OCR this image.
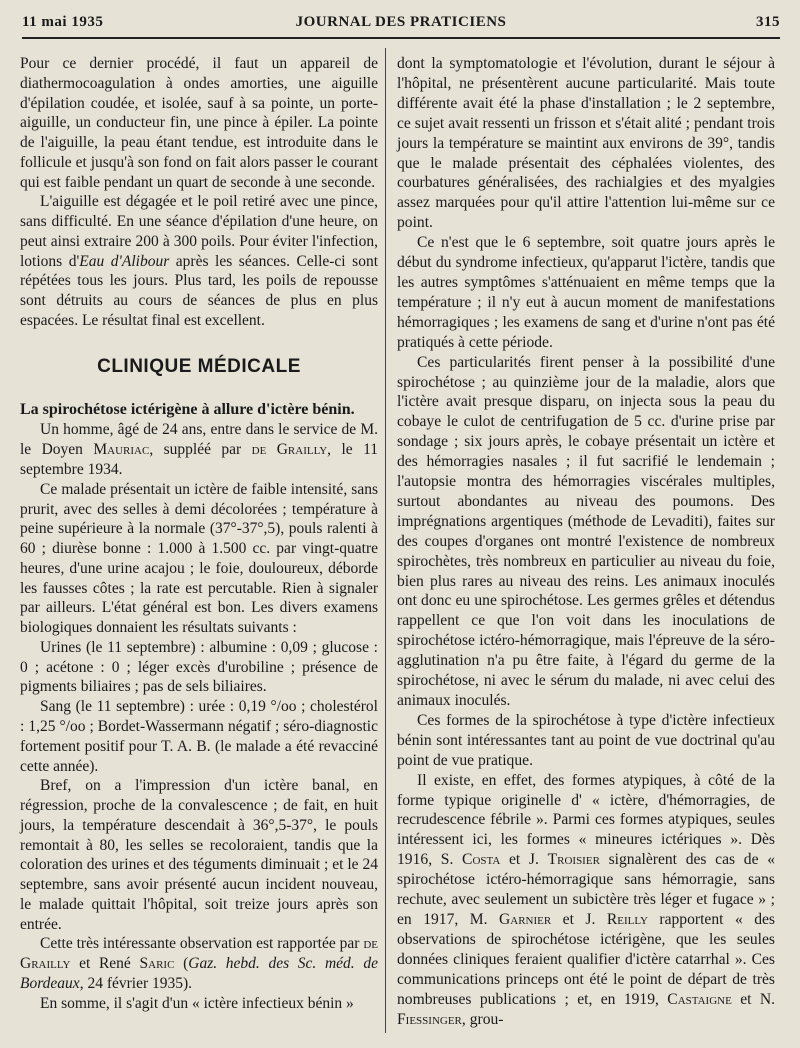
11 mai 1935	JOURNAL DES PRATICIENS	315

Pour ce dernier procédé, il faut un appareil de diathermocoagulation à ondes amorties, une aiguille d'épilation coudée, et isolée, sauf à sa pointe, un porte-aiguille, un conducteur fin, une pince à épiler. La pointe de l'aiguille, la peau étant tendue, est introduite dans le follicule et jusqu'à son fond on fait alors passer le courant qui est faible pendant un quart de seconde à une seconde.

L'aiguille est dégagée et le poil retiré avec une pince, sans difficulté. En une séance d'épilation d'une heure, on peut ainsi extraire 200 à 300 poils. Pour éviter l'infection, lotions d'Eau d'Alibour après les séances. Celle-ci sont répétées tous les jours. Plus tard, les poils de repousse sont détruits au cours de séances de plus en plus espacées. Le résultat final est excellent.

CLINIQUE MÉDICALE

La spirochétose ictérigène à allure d'ictère bénin.

Un homme, âgé de 24 ans, entre dans le service de M. le Doyen Mauriac, suppléé par de Grailly, le 11 septembre 1934.

Ce malade présentait un ictère de faible intensité, sans prurit, avec des selles à demi décolorées ; température à peine supérieure à la normale (37°-37°,5), pouls ralenti à 60 ; diurèse bonne : 1.000 à 1.500 cc. par vingt-quatre heures, d'une urine acajou ; le foie, douloureux, déborde les fausses côtes ; la rate est percutable. Rien à signaler par ailleurs. L'état général est bon. Les divers examens biologiques donnaient les résultats suivants :

Urines (le 11 septembre) : albumine : 0,09 ; glucose : 0 ; acétone : 0 ; léger excès d'urobiline ; présence de pigments biliaires ; pas de sels biliaires.

Sang (le 11 septembre) : urée : 0,19 °/oo ; cholestérol : 1,25 °/oo ; Bordet-Wassermann négatif ; séro-diagnostic fortement positif pour T. A. B. (le malade a été revacciné cette année).

Bref, on a l'impression d'un ictère banal, en régression, proche de la convalescence ; de fait, en huit jours, la température descendait à 36°,5-37°, le pouls remontait à 80, les selles se recoloraient, tandis que la coloration des urines et des téguments diminuait ; et le 24 septembre, sans avoir présenté aucun incident nouveau, le malade quittait l'hôpital, soit treize jours après son entrée.

Cette très intéressante observation est rapportée par de Grailly et René Saric (Gaz. hebd. des Sc. méd. de Bordeaux, 24 février 1935).

En somme, il s'agit d'un « ictère infectieux bénin »

dont la symptomatologie et l'évolution, durant le séjour à l'hôpital, ne présentèrent aucune particularité. Mais toute différente avait été la phase d'installation ; le 2 septembre, ce sujet avait ressenti un frisson et s'était alité ; pendant trois jours la température se maintint aux environs de 39°, tandis que le malade présentait des céphalées violentes, des courbatures généralisées, des rachialgies et des myalgies assez marquées pour qu'il attire l'attention lui-même sur ce point.

Ce n'est que le 6 septembre, soit quatre jours après le début du syndrome infectieux, qu'apparut l'ictère, tandis que les autres symptômes s'atténuaient en même temps que la température ; il n'y eut à aucun moment de manifestations hémorragiques ; les examens de sang et d'urine n'ont pas été pratiqués à cette période.

Ces particularités firent penser à la possibilité d'une spirochétose ; au quinzième jour de la maladie, alors que l'ictère avait presque disparu, on injecta sous la peau du cobaye le culot de centrifugation de 5 cc. d'urine prise par sondage ; six jours après, le cobaye présentait un ictère et des hémorragies nasales ; il fut sacrifié le lendemain ; l'autopsie montra des hémorragies viscérales multiples, surtout abondantes au niveau des poumons. Des imprégnations argentiques (méthode de Levaditi), faites sur des coupes d'organes ont montré l'existence de nombreux spirochètes, très nombreux en particulier au niveau du foie, bien plus rares au niveau des reins. Les animaux inoculés ont donc eu une spirochétose. Les germes grêles et détendus rappellent ce que l'on voit dans les inoculations de spirochétose ictéro-hémorragique, mais l'épreuve de la séro-agglutination n'a pu être faite, à l'égard du germe de la spirochétose, ni avec le sérum du malade, ni avec celui des animaux inoculés.

Ces formes de la spirochétose à type d'ictère infectieux bénin sont intéressantes tant au point de vue doctrinal qu'au point de vue pratique.

Il existe, en effet, des formes atypiques, à côté de la forme typique originelle d' « ictère, d'hémorragies, de recrudescence fébrile ». Parmi ces formes atypiques, seules intéressent ici, les formes « mineures ictériques ». Dès 1916, S. Costa et J. Troisier signalèrent des cas de « spirochétose ictéro-hémorragique sans hémorragie, sans rechute, avec seulement un subictère très léger et fugace » ; en 1917, M. Garnier et J. Reilly rapportent « des observations de spirochétose ictérigène, que les seules données cliniques feraient qualifier d'ictère catarrhal ». Ces communications princeps ont été le point de départ de très nombreuses publications ; et, en 1919, Castaigne et N. Fiessinger, grou-
